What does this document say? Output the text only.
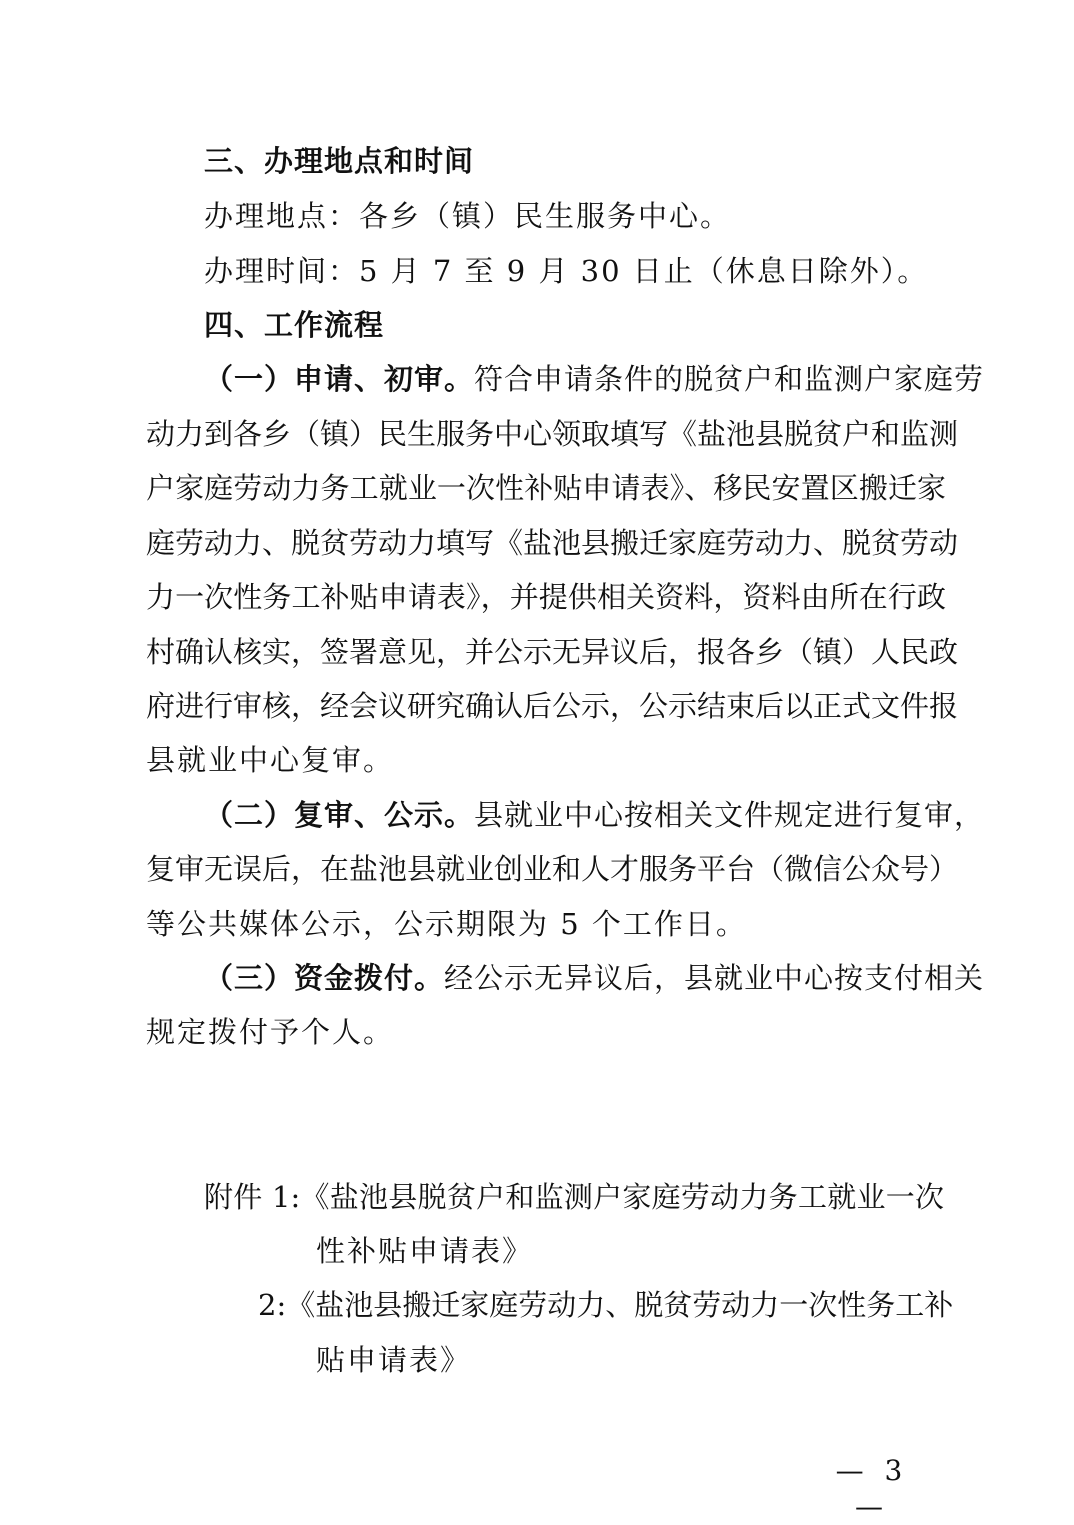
三、办理地点和时间
办理地点：各乡（镇）民生服务中心。
办理时间：5 月 7 至 9 月 30 日止（休息日除外）。
四、工作流程
（一）申请、初审。符合申请条件的脱贫户和监测户家庭劳
动力到各乡（镇）民生服务中心领取填写《盐池县脱贫户和监测
户家庭劳动力务工就业一次性补贴申请表》、移民安置区搬迁家
庭劳动力、脱贫劳动力填写《盐池县搬迁家庭劳动力、脱贫劳动
力一次性务工补贴申请表》，并提供相关资料，资料由所在行政
村确认核实，签署意见，并公示无异议后，报各乡（镇）人民政
府进行审核，经会议研究确认后公示，公示结束后以正式文件报
县就业中心复审。
（二）复审、公示。县就业中心按相关文件规定进行复审，
复审无误后，在盐池县就业创业和人才服务平台（微信公众号）
等公共媒体公示，公示期限为 5 个工作日。
（三）资金拨付。经公示无异议后，县就业中心按支付相关
规定拨付予个人。
附件 1:《盐池县脱贫户和监测户家庭劳动力务工就业一次
性补贴申请表》
2:《盐池县搬迁家庭劳动力、脱贫劳动力一次性务工补
贴申请表》
— 3 —
